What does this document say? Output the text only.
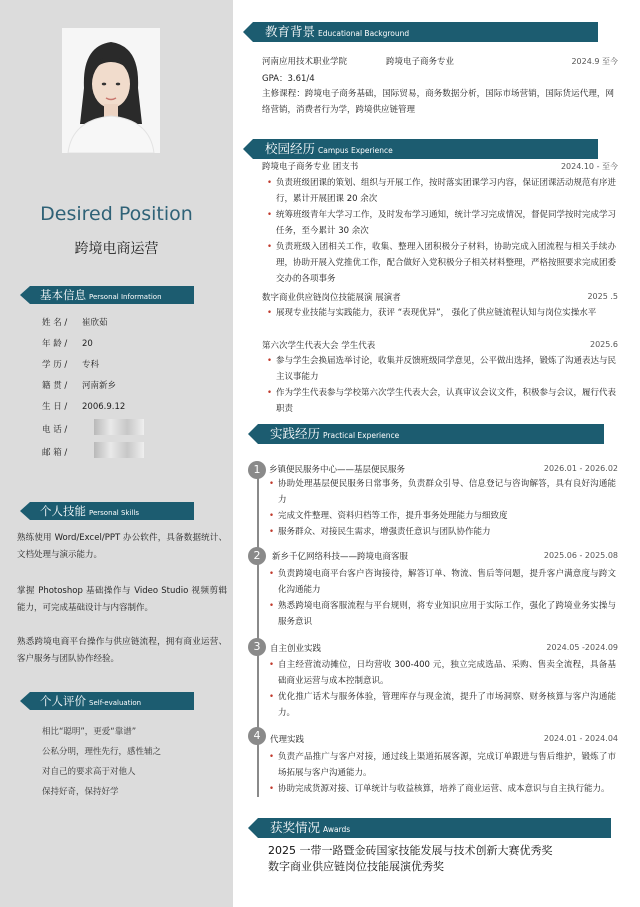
Desired Position
跨境电商运营
基本信息 Personal Information
姓 名 / 崔欣茹
年 龄 / 20
学 历 / 专科
籍 贯 / 河南新乡
生 日 / 2006.9.12
电 话 /
邮 箱 /
个人技能 Personal Skills
熟练使用 Word/Excel/PPT 办公软件，具备数据统计、文档处理与演示能力。
掌握 Photoshop 基础操作与 Video Studio 视频剪辑能力，可完成基础设计与内容制作。
熟悉跨境电商平台操作与供应链流程，拥有商业运营、客户服务与团队协作经验。
个人评价 Self-evaluation
相比“聪明”，更爱“靠谱”
公私分明，理性先行，感性辅之
对自己的要求高于对他人
保持好奇，保持好学
教育背景 Educational Background
河南应用技术职业学院	跨境电子商务专业	2024.9 至今
GPA：3.61/4
主修课程：跨境电子商务基础，国际贸易，商务数据分析，国际市场营销，国际货运代理，网络营销，消费者行为学，跨境供应链管理
校园经历 Campus Experience
跨境电子商务专业 团支书	2024.10 - 至今
• 负责班级团课的策划、组织与开展工作，按时落实团课学习内容，保证团课活动规范有序进行，累计开展团课 20 余次
• 统筹班级青年大学习工作，及时发布学习通知，统计学习完成情况，督促同学按时完成学习任务，至今累计 30 余次
• 负责班级入团相关工作，收集、整理入团积极分子材料，协助完成入团流程与相关手续办理，协助开展入党推优工作，配合做好入党积极分子相关材料整理，严格按照要求完成团委交办的各项事务
数字商业供应链岗位技能展演 展演者	2025 .5
• 展现专业技能与实践能力，获评 “表现优异”， 强化了供应链流程认知与岗位实操水平
第六次学生代表大会 学生代表	2025.6
• 参与学生会换届选举讨论，收集并反馈班级同学意见，公平做出选择，锻炼了沟通表达与民主议事能力
• 作为学生代表参与学校第六次学生代表大会，认真审议会议文件，积极参与会议，履行代表职责
实践经历 Practical Experience
1	乡镇便民服务中心——基层便民服务	2026.01 - 2026.02
• 协助处理基层便民服务日常事务，负责群众引导、信息登记与咨询解答，具有良好沟通能力
• 完成文件整理、资料归档等工作，提升事务处理能力与细致度
• 服务群众、对接民生需求，增强责任意识与团队协作能力
2	新乡千亿网络科技——跨境电商客服	2025.06 - 2025.08
• 负责跨境电商平台客户咨询接待，解答订单、物流、售后等问题，提升客户满意度与跨文化沟通能力
• 熟悉跨境电商客服流程与平台规则，将专业知识应用于实际工作，强化了跨境业务实操与服务意识
3	自主创业实践	2024.05 -2024.09
• 自主经营流动摊位，日均营收 300-400 元，独立完成选品、采购、售卖全流程，具备基础商业运营与成本控制意识。
• 优化推广话术与服务体验，管理库存与现金流，提升了市场洞察、财务核算与客户沟通能力。
4	代理实践	2024.01 - 2024.04
• 负责产品推广与客户对接，通过线上渠道拓展客源，完成订单跟进与售后维护，锻炼了市场拓展与客户沟通能力。
• 协助完成货源对接、订单统计与收益核算，培养了商业运营、成本意识与自主执行能力。
获奖情况 Awards
2025 一带一路暨金砖国家技能发展与技术创新大赛优秀奖
数字商业供应链岗位技能展演优秀奖
